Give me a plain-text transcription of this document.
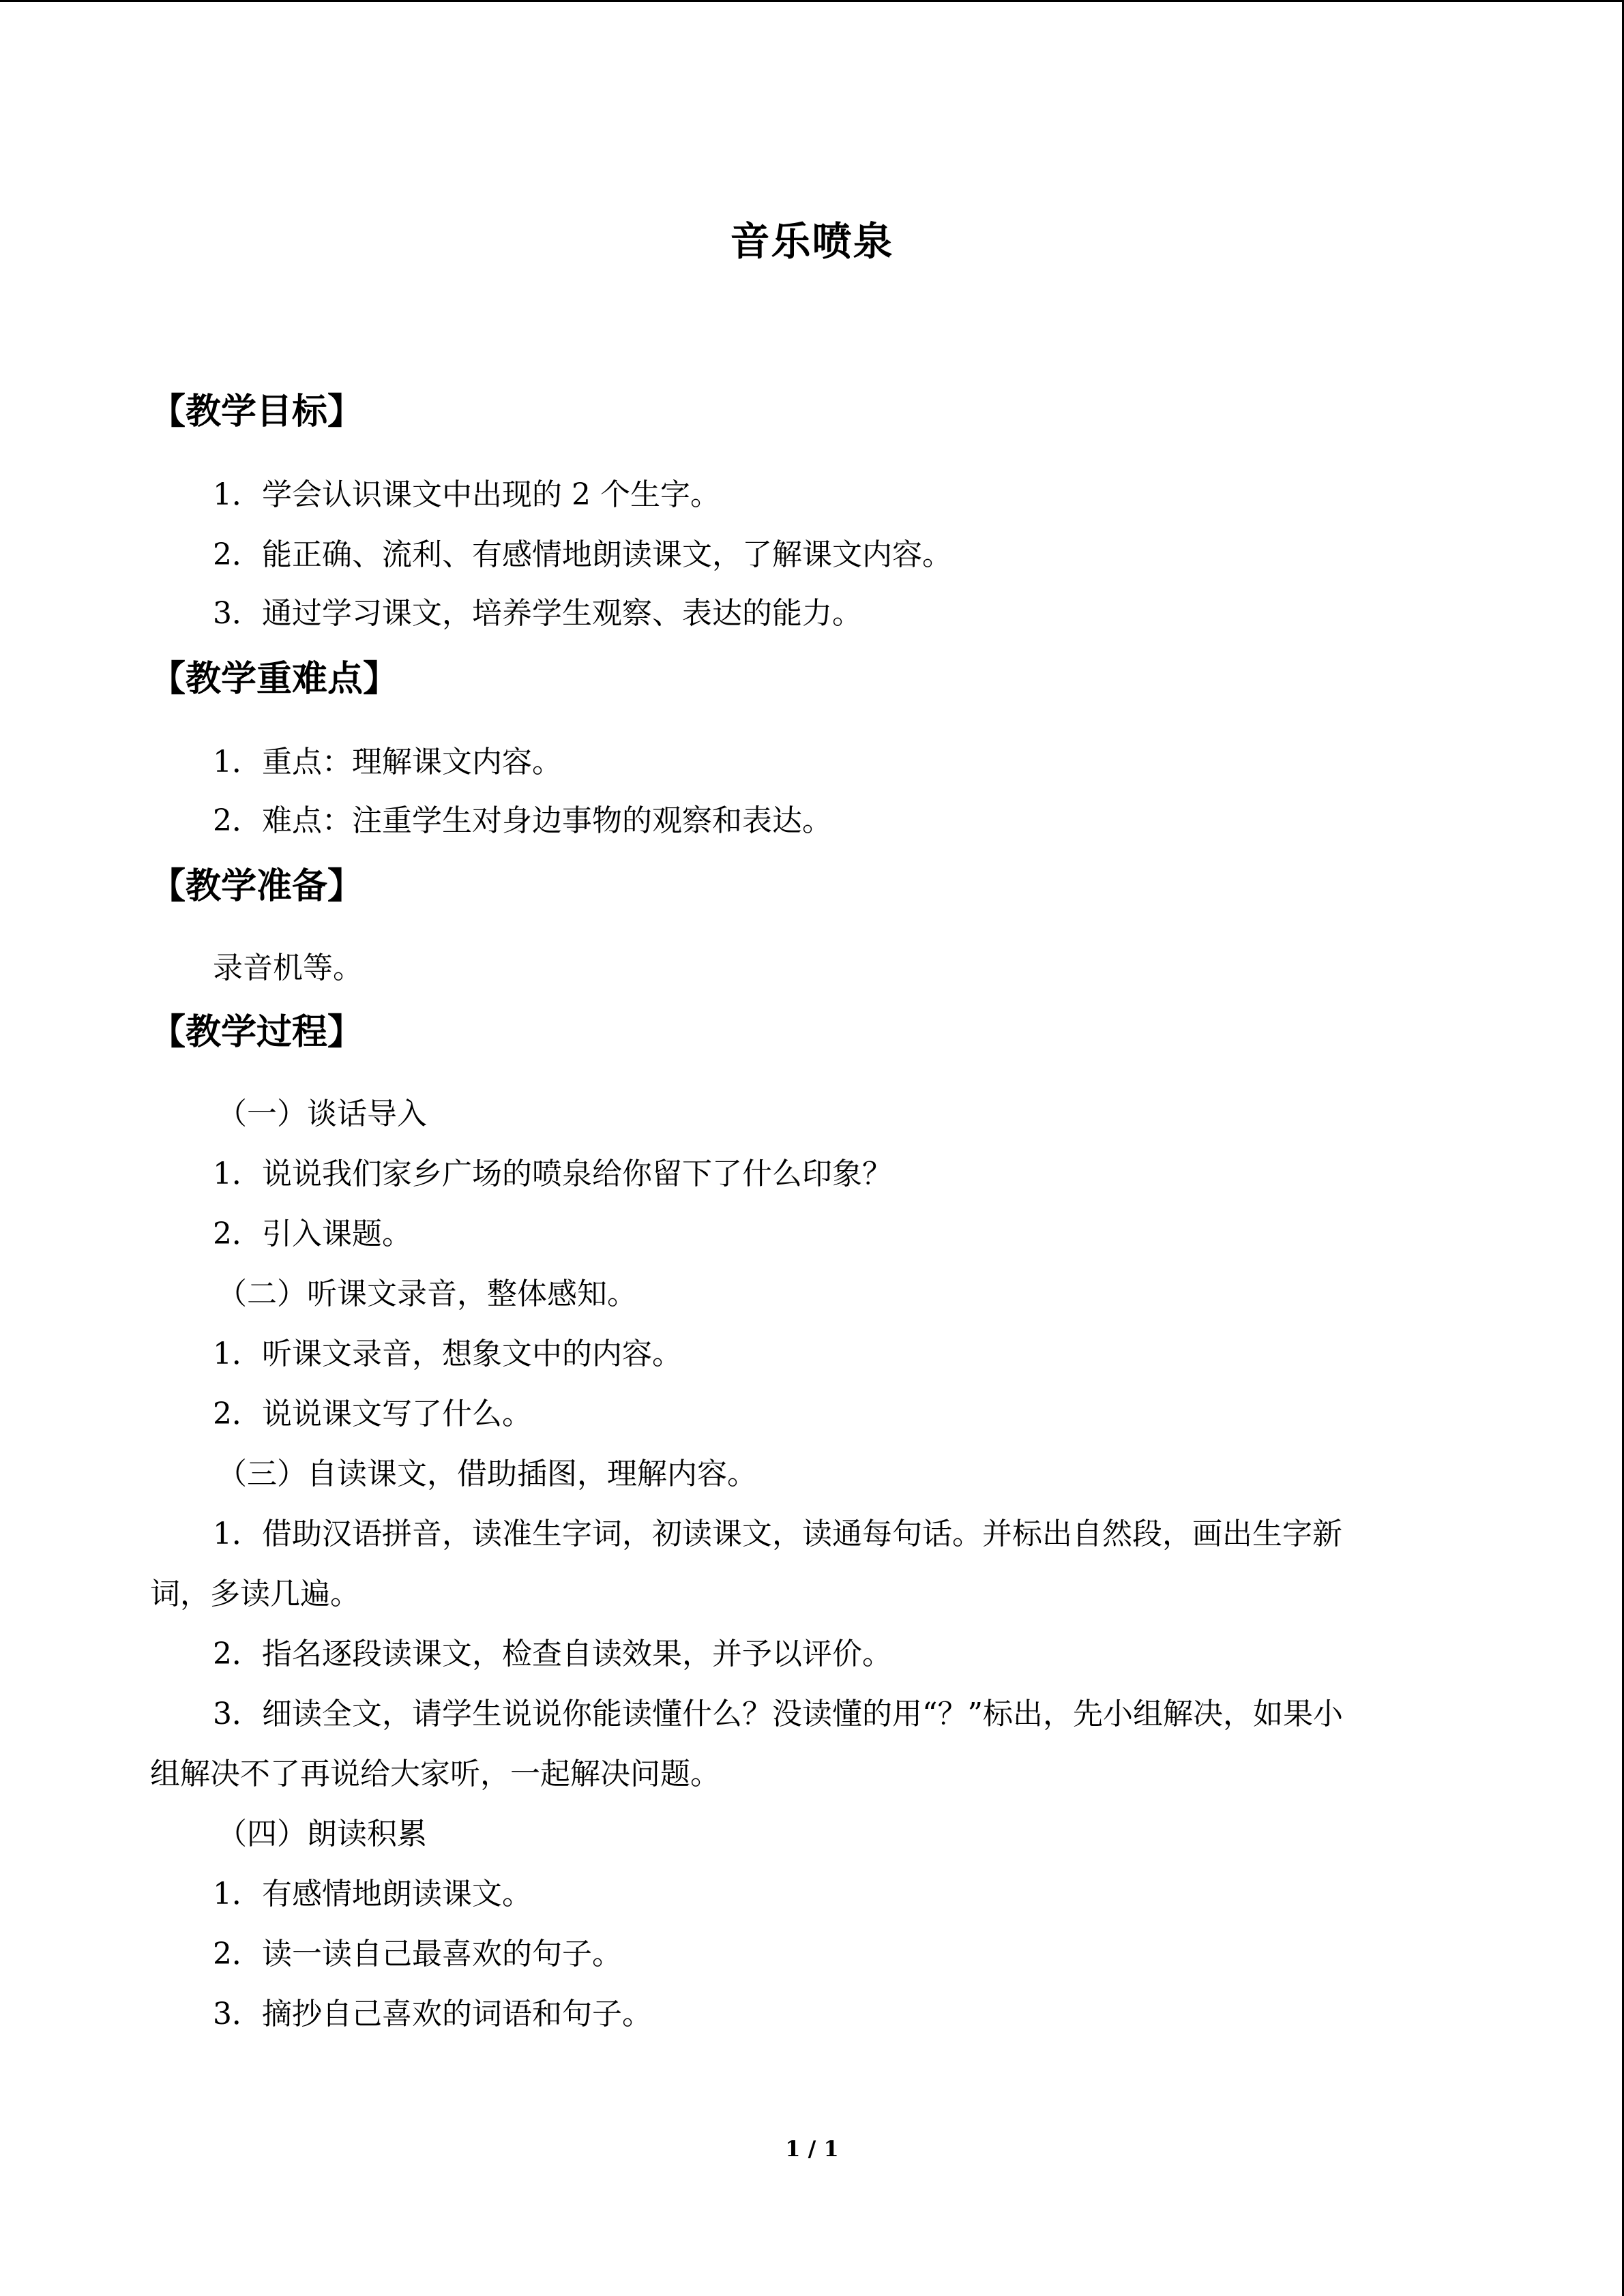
音乐喷泉
【教学目标】
1．学会认识课文中出现的 2 个生字。
2．能正确、流利、有感情地朗读课文，了解课文内容。
3．通过学习课文，培养学生观察、表达的能力。
【教学重难点】
1．重点：理解课文内容。
2．难点：注重学生对身边事物的观察和表达。
【教学准备】
录音机等。
【教学过程】
（一）谈话导入
1．说说我们家乡广场的喷泉给你留下了什么印象？
2．引入课题。
（二）听课文录音，整体感知。
1．听课文录音，想象文中的内容。
2．说说课文写了什么。
（三）自读课文，借助插图，理解内容。
1．借助汉语拼音，读准生字词，初读课文，读通每句话。并标出自然段，画出生字新
词，多读几遍。
2．指名逐段读课文，检查自读效果，并予以评价。
3．细读全文，请学生说说你能读懂什么？没读懂的用“？”标出，先小组解决，如果小
组解决不了再说给大家听，一起解决问题。
（四）朗读积累
1．有感情地朗读课文。
2．读一读自己最喜欢的句子。
3．摘抄自己喜欢的词语和句子。
1 / 1
